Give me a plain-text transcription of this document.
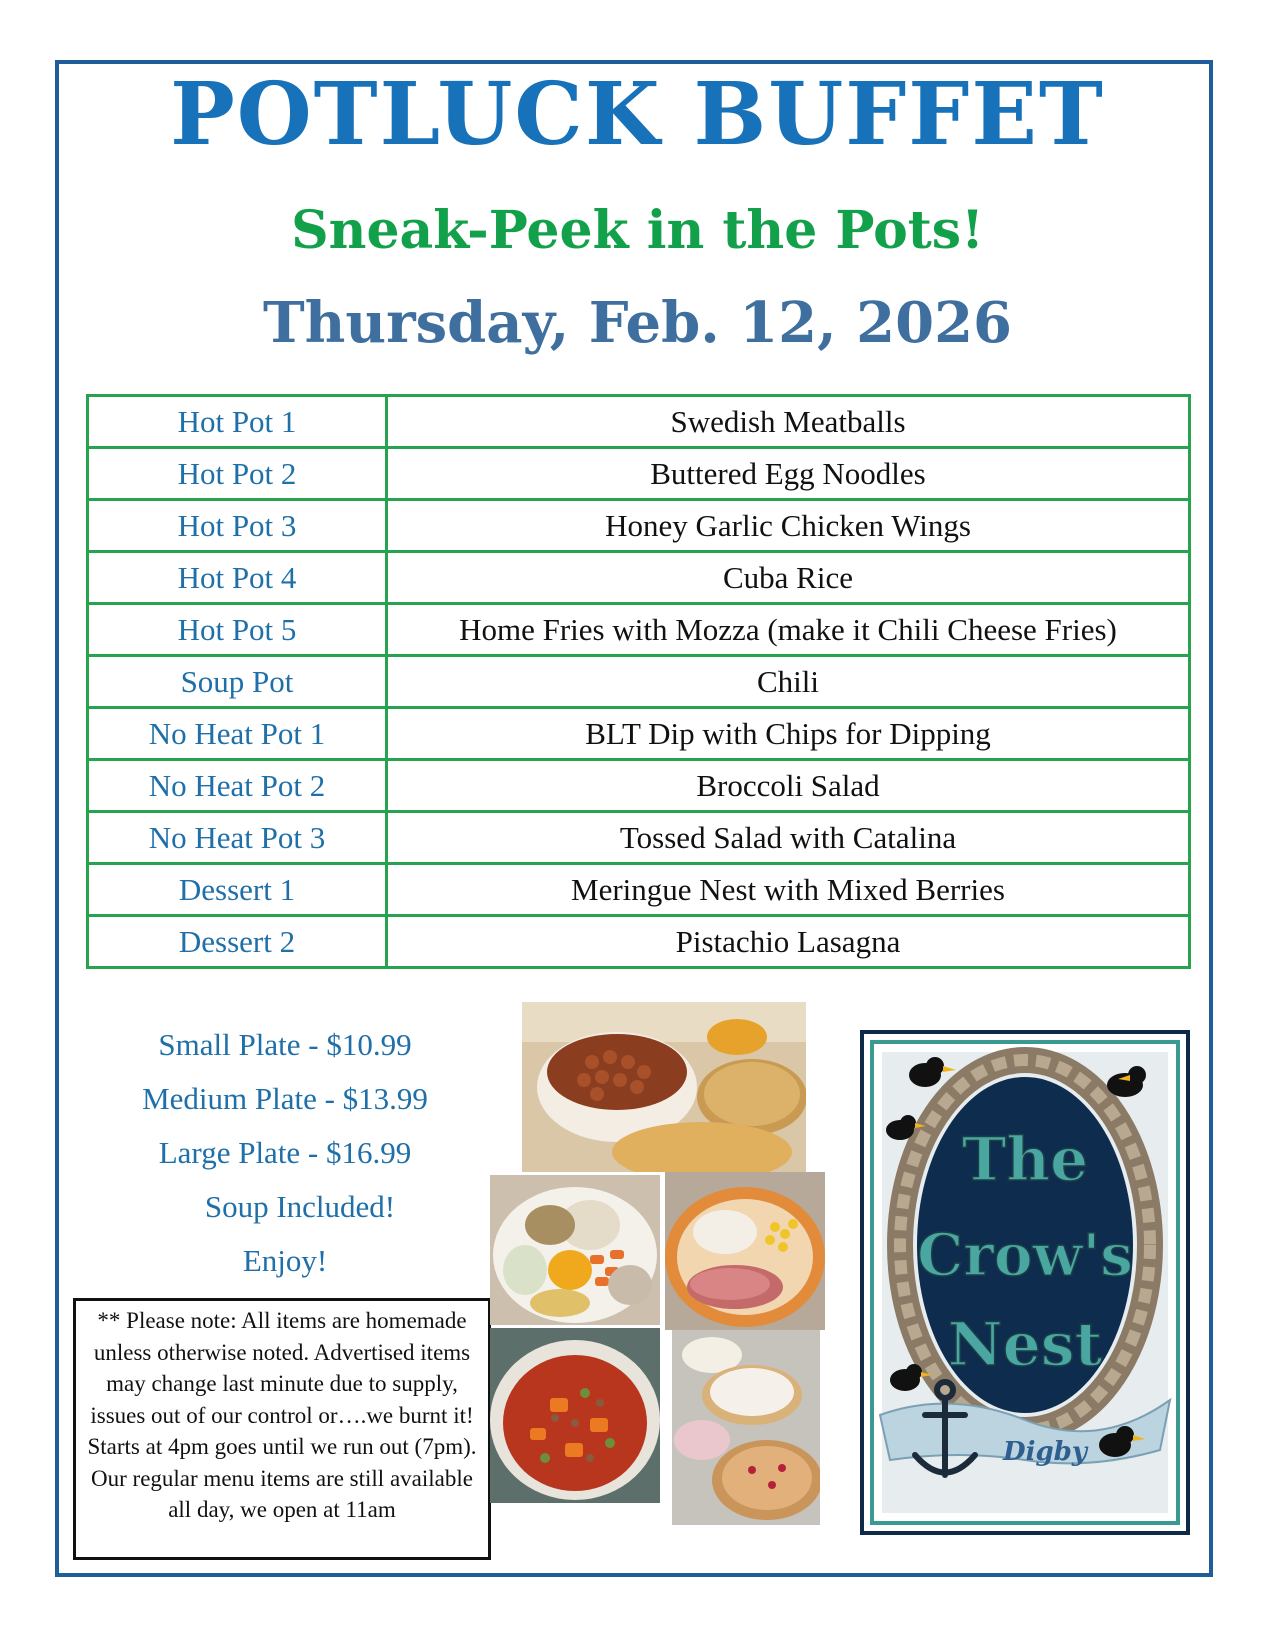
POTLUCK BUFFET
Sneak-Peek in the Pots!
Thursday, Feb. 12, 2026
Hot Pot 1	Swedish Meatballs
Hot Pot 2	Buttered Egg Noodles
Hot Pot 3	Honey Garlic Chicken Wings
Hot Pot 4	Cuba Rice
Hot Pot 5	Home Fries with Mozza (make it Chili Cheese Fries)
Soup Pot	Chili
No Heat Pot 1	BLT Dip with Chips for Dipping
No Heat Pot 2	Broccoli Salad
No Heat Pot 3	Tossed Salad with Catalina
Dessert 1	Meringue Nest with Mixed Berries
Dessert 2	Pistachio Lasagna
Small Plate - $10.99
Medium Plate - $13.99
Large Plate - $16.99
Soup Included!
Enjoy!
** Please note: All items are homemade unless otherwise noted. Advertised items may change last minute due to supply, issues out of our control or….we burnt it! Starts at 4pm goes until we run out (7pm). Our regular menu items are still available all day, we open at 11am
The
Crow's
Nest
Digby
